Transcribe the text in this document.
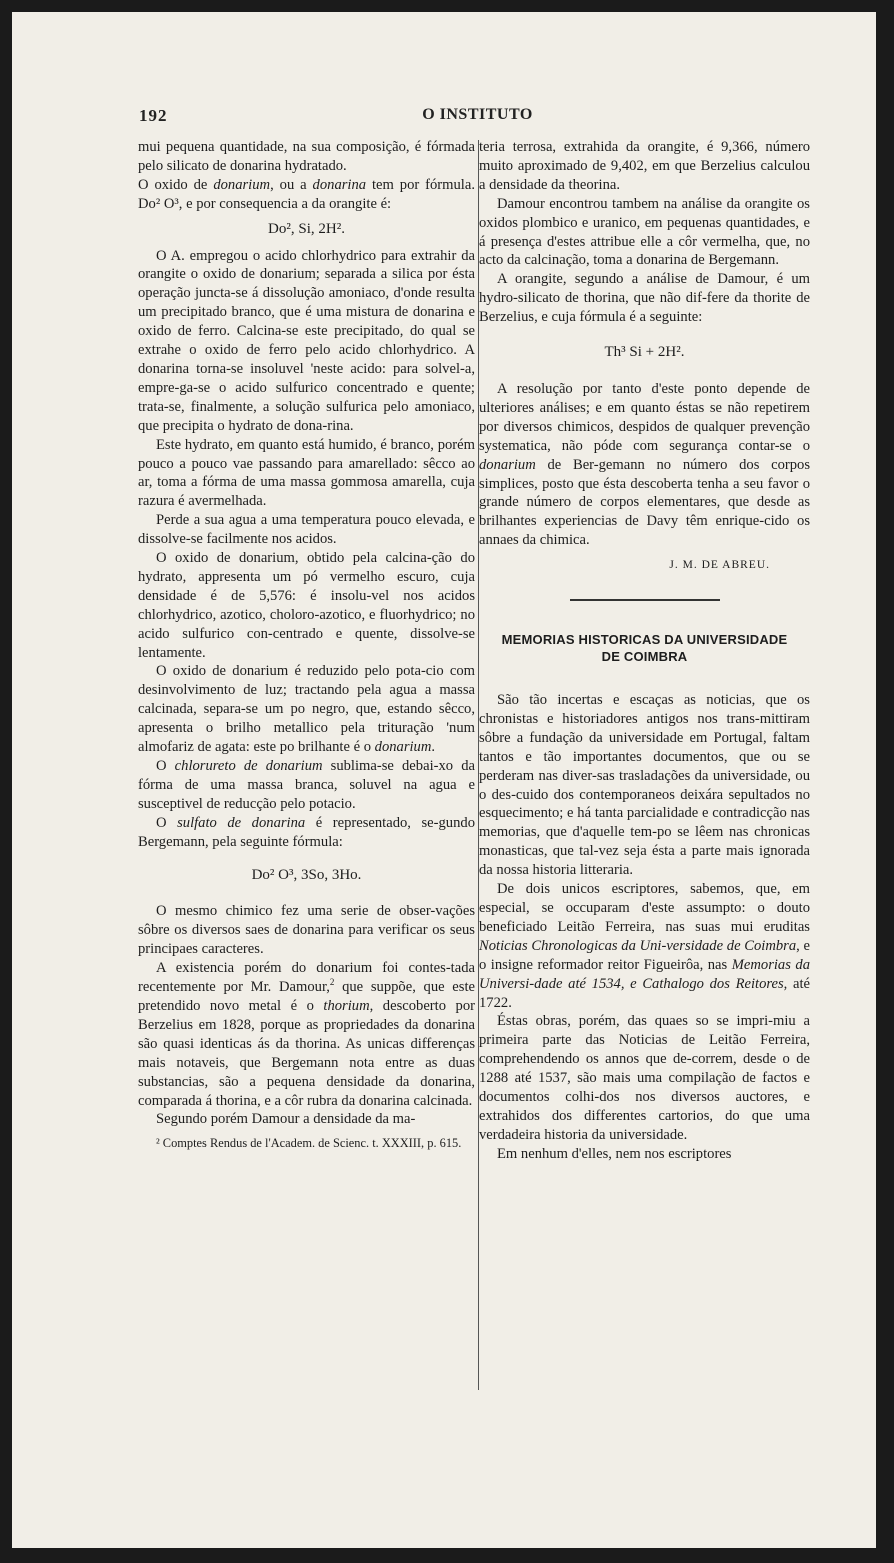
192	O INSTITUTO

mui pequena quantidade, na sua composição, é fórmada pelo silicato de donarina hydratado.

O oxido de donarium, ou a donarina tem por fórmula. Do² O³, e por consequencia a da orangite é:

Do², Si, 2H².

O A. empregou o acido chlorhydrico para extrahir da orangite o oxido de donarium; separada a silica por ésta operação juncta-se á dissolução amoniaco, d'onde resulta um precipitado branco, que é uma mistura de donarina e oxido de ferro. Calcina-se este precipitado, do qual se extrahe o oxido de ferro pelo acido chlorhydrico. A donarina torna-se insoluvel 'neste acido: para solvel-a, empre-ga-se o acido sulfurico concentrado e quente; trata-se, finalmente, a solução sulfurica pelo amoniaco, que precipita o hydrato de dona-rina.

Este hydrato, em quanto está humido, é branco, porém pouco a pouco vae passando para amarellado: sêcco ao ar, toma a fórma de uma massa gommosa amarella, cuja razura é avermelhada.

Perde a sua agua a uma temperatura pouco elevada, e dissolve-se facilmente nos acidos.

O oxido de donarium, obtido pela calcina-ção do hydrato, appresenta um pó vermelho escuro, cuja densidade é de 5,576: é insolu-vel nos acidos chlorhydrico, azotico, choloro-azotico, e fluorhydrico; no acido sulfurico con-centrado e quente, dissolve-se lentamente.

O oxido de donarium é reduzido pelo pota-cio com desinvolvimento de luz; tractando pela agua a massa calcinada, separa-se um po negro, que, estando sêcco, apresenta o brilho metallico pela trituração 'num almofariz de agata: este po brilhante é o donarium.

O chlorureto de donarium sublima-se debai-xo da fórma de uma massa branca, soluvel na agua e susceptivel de reducção pelo potacio.

O sulfato de donarina é representado, se-gundo Bergemann, pela seguinte fórmula:

Do² O³, 3So, 3Ho.

O mesmo chimico fez uma serie de obser-vações sôbre os diversos saes de donarina para verificar os seus principaes caracteres.

A existencia porém do donarium foi contes-tada recentemente por Mr. Damour,$^2$ que suppõe, que este pretendido novo metal é o thorium, descoberto por Berzelius em 1828, porque as propriedades da donarina são quasi identicas ás da thorina. As unicas differenças mais notaveis, que Bergemann nota entre as duas substancias, são a pequena densidade da donarina, comparada á thorina, e a côr rubra da donarina calcinada.

Segundo porém Damour a densidade da ma-

² Comptes Rendus de l'Academ. de Scienc. t. XXXIII, p. 615.

teria terrosa, extrahida da orangite, é 9,366, número muito aproximado de 9,402, em que Berzelius calculou a densidade da theorina.

Damour encontrou tambem na análise da orangite os oxidos plombico e uranico, em pequenas quantidades, e á presença d'estes attribue elle a côr vermelha, que, no acto da calcinação, toma a donarina de Bergemann.

A orangite, segundo a análise de Damour, é um hydro-silicato de thorina, que não dif-fere da thorite de Berzelius, e cuja fórmula é a seguinte:

Th³ Si + 2H².

A resolução por tanto d'este ponto depende de ulteriores análises; e em quanto éstas se não repetirem por diversos chimicos, despidos de qualquer prevenção systematica, não póde com segurança contar-se o donarium de Ber-gemann no número dos corpos simplices, posto que ésta descoberta tenha a seu favor o grande número de corpos elementares, que desde as brilhantes experiencias de Davy têm enrique-cido os annaes da chimica.

J. M. DE ABREU.

MEMORIAS HISTORICAS DA UNIVERSIDADE
DE COIMBRA

São tão incertas e escaças as noticias, que os chronistas e historiadores antigos nos trans-mittiram sôbre a fundação da universidade em Portugal, faltam tantos e tão importantes documentos, que ou se perderam nas diver-sas trasladações da universidade, ou o des-cuido dos contemporaneos deixára sepultados no esquecimento; e há tanta parcialidade e contradicção nas memorias, que d'aquelle tem-po se lêem nas chronicas monasticas, que tal-vez seja ésta a parte mais ignorada da nossa historia litteraria.

De dois unicos escriptores, sabemos, que, em especial, se occuparam d'este assumpto: o douto beneficiado Leitão Ferreira, nas suas mui eruditas Noticias Chronologicas da Uni-versidade de Coimbra, e o insigne reformador reitor Figueirôa, nas Memorias da Universi-dade até 1534, e Cathalogo dos Reitores, até 1722.

Éstas obras, porém, das quaes so se impri-miu a primeira parte das Noticias de Leitão Ferreira, comprehendendo os annos que de-correm, desde o de 1288 até 1537, são mais uma compilação de factos e documentos colhi-dos nos diversos auctores, e extrahidos dos differentes cartorios, do que uma verdadeira historia da universidade.

Em nenhum d'elles, nem nos escriptores
